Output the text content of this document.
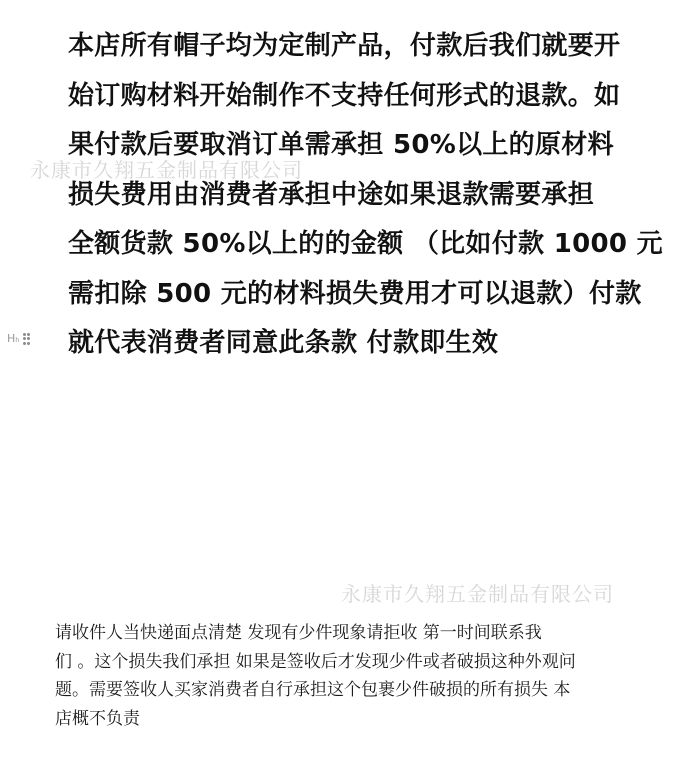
本店所有帽子均为定制产品，付款后我们就要开
始订购材料开始制作不支持任何形式的退款。如
果付款后要取消订单需承担 50%以上的原材料
损失费用由消费者承担中途如果退款需要承担
全额货款 50%以上的的金额 （比如付款 1000 元
需扣除 500 元的材料损失费用才可以退款）付款
就代表消费者同意此条款 付款即生效
永康市久翔五金制品有限公司
永康市久翔五金制品有限公司
Hₕ
请收件人当快递面点清楚 发现有少件现象请拒收 第一时间联系我
们 。这个损失我们承担 如果是签收后才发现少件或者破损这种外观问
题。需要签收人买家消费者自行承担这个包裹少件破损的所有损失 本
店概不负责
